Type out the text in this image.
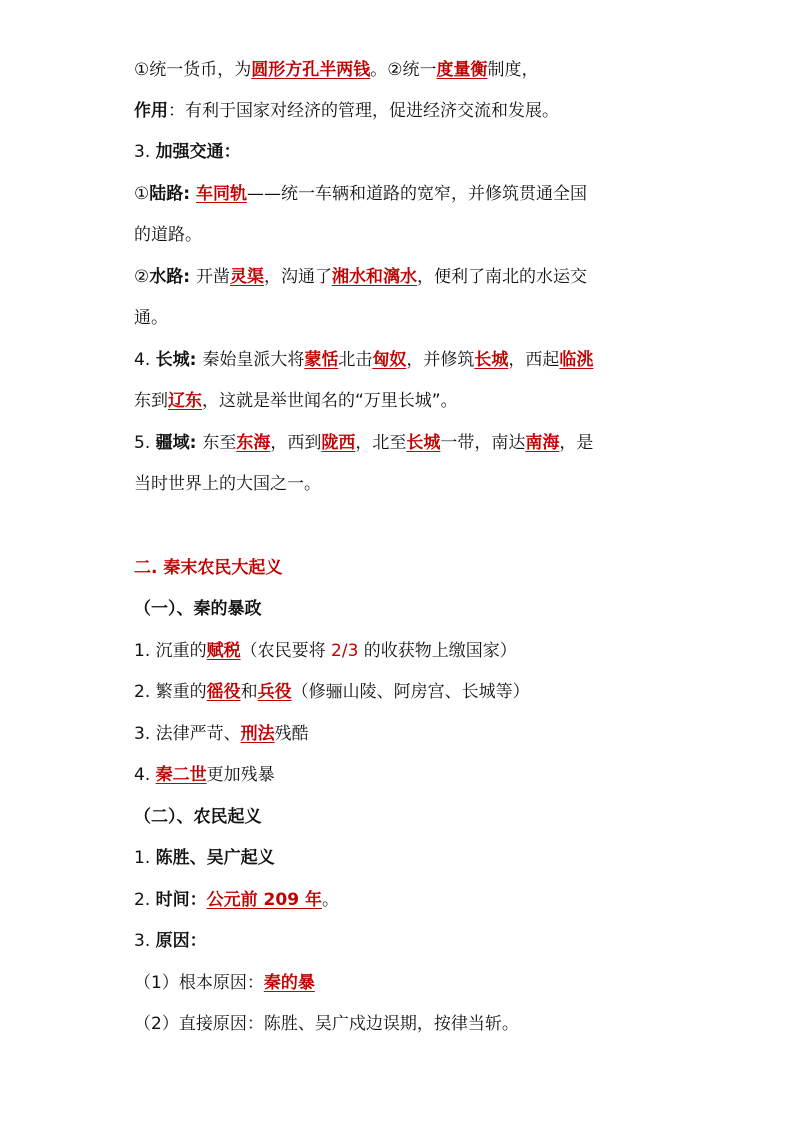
①统一货币，为圆形方孔半两钱。②统一度量衡制度，
作用：有利于国家对经济的管理，促进经济交流和发展。
3. 加强交通：
①陆路: 车同轨——统一车辆和道路的宽窄，并修筑贯通全国
的道路。
②水路: 开凿灵渠，沟通了湘水和漓水，便利了南北的水运交
通。
4. 长城: 秦始皇派大将蒙恬北击匈奴，并修筑长城，西起临洮
东到辽东，这就是举世闻名的“万里长城”。
5. 疆域: 东至东海，西到陇西，北至长城一带，南达南海，是
当时世界上的大国之一。
二. 秦末农民大起义
（一）、秦的暴政
1. 沉重的赋税（农民要将 2/3 的收获物上缴国家）
2. 繁重的徭役和兵役（修骊山陵、阿房宫、长城等）
3. 法律严苛、刑法残酷
4. 秦二世更加残暴
（二）、农民起义
1. 陈胜、吴广起义
2. 时间：公元前 209 年。
3. 原因：
（1）根本原因：秦的暴
（2）直接原因：陈胜、吴广戍边误期，按律当斩。
